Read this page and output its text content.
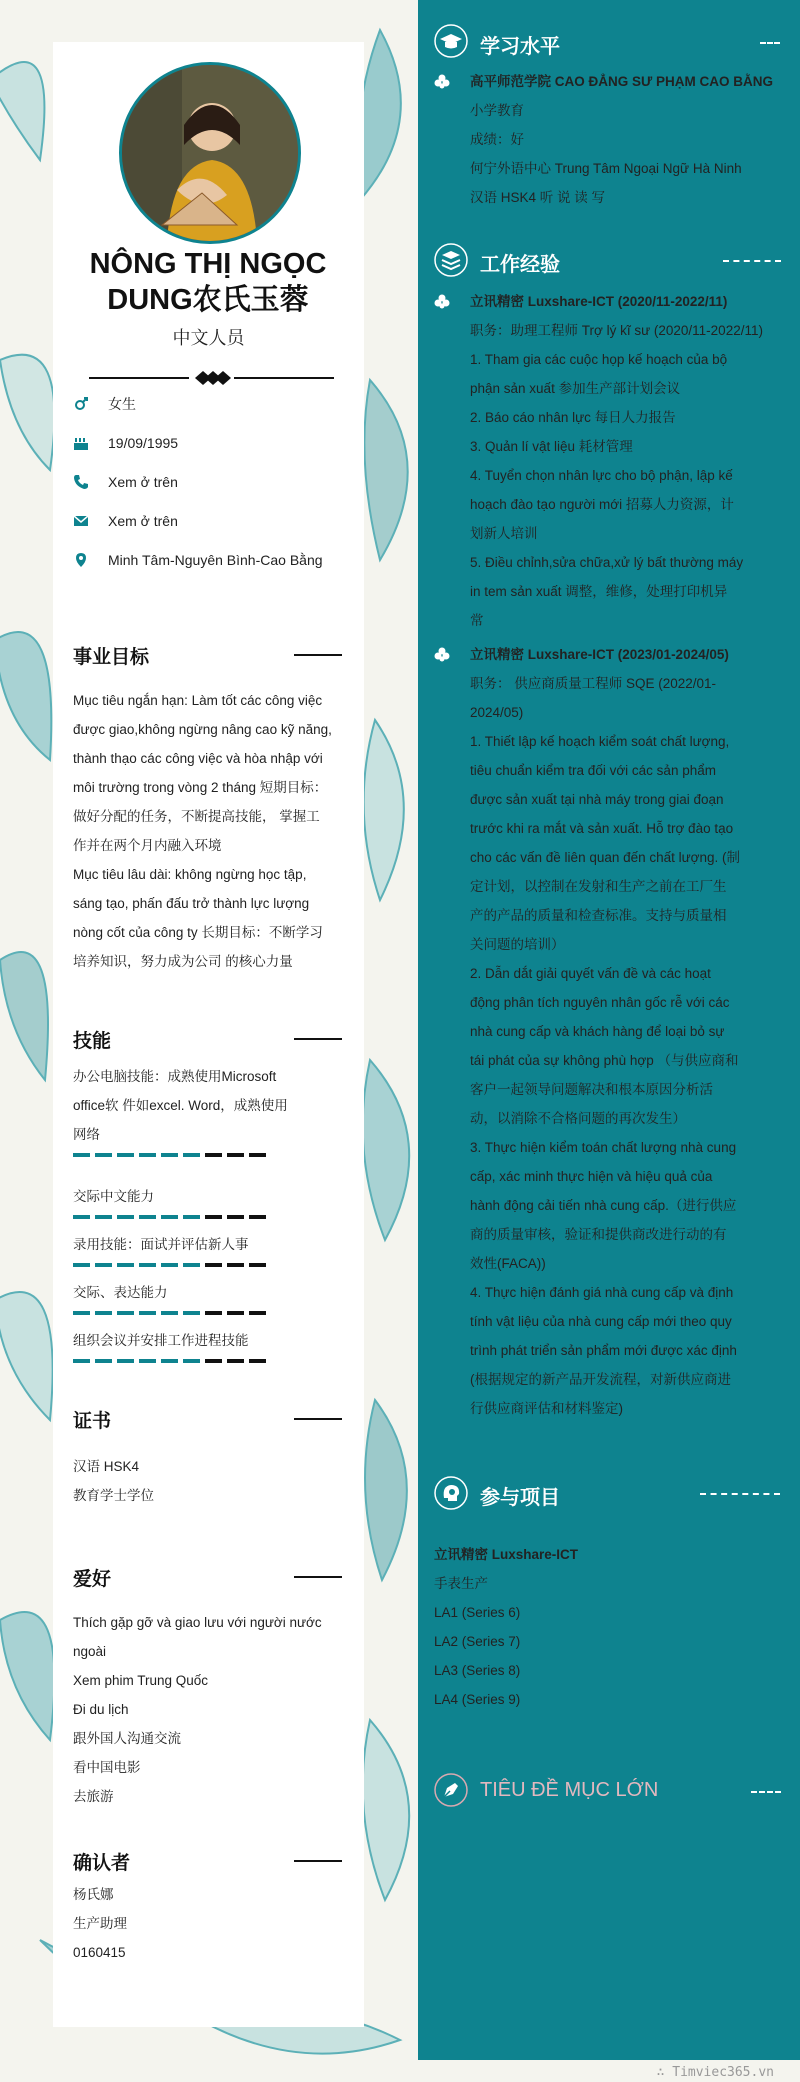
NÔNG THỊ NGỌC
DUNG农氏玉蓉
中文人员
女生
19/09/1995
Xem ở trên
Xem ở trên
Minh Tâm-Nguyên Bình-Cao Bằng
事业目标
Mục tiêu ngắn hạn: Làm tốt các công việc
được giao,không ngừng nâng cao kỹ năng,
thành thạo các công việc và hòa nhập với
môi trường trong vòng 2 tháng 短期目标：
做好分配的任务，不断提高技能， 掌握工
作并在两个月内融入环境
Mục tiêu lâu dài: không ngừng học tập,
sáng tạo, phấn đấu trở thành lực lượng
nòng cốt của công ty 长期目标：不断学习
培养知识，努力成为公司 的核心力量
技能
办公电脑技能：成熟使用Microsoft
office软 件如excel. Word，成熟使用
网络
交际中文能力
录用技能：面试并评估新人事
交际、表达能力
组织会议并安排工作进程技能
证书
汉语 HSK4
教育学士学位
爱好
Thích gặp gỡ và giao lưu với người nước
ngoài
Xem phim Trung Quốc
Đi du lịch
跟外国人沟通交流
看中国电影
去旅游
确认者
杨氏娜
生产助理
0160415
学习水平
高平师范学院 CAO ĐẲNG SƯ PHẠM CAO BẰNG
小学教育
成绩：好
何宁外语中心 Trung Tâm Ngoại Ngữ Hà Ninh
汉语 HSK4 听 说 读 写
工作经验
立讯精密 Luxshare-ICT (2020/11-2022/11)
职务：助理工程师 Trợ lý kĩ sư (2020/11-2022/11)
1. Tham gia các cuộc họp kế hoạch của bộ
phận sản xuất 参加生产部计划会议
2. Báo cáo nhân lực 每日人力报告
3. Quản lí vật liệu 耗材管理
4. Tuyển chọn nhân lực cho bộ phận, lập kế
hoạch đào tạo người mới 招募人力资源，计
划新人培训
5. Điều chỉnh,sửa chữa,xử lý bất thường máy
in tem sản xuất 调整，维修，处理打印机异
常
立讯精密 Luxshare-ICT (2023/01-2024/05)
职务： 供应商质量工程师 SQE (2022/01-
2024/05)
1. Thiết lập kế hoạch kiểm soát chất lượng,
tiêu chuẩn kiểm tra đối với các sản phẩm
được sản xuất tại nhà máy trong giai đoạn
trước khi ra mắt và sản xuất. Hỗ trợ đào tạo
cho các vấn đề liên quan đến chất lượng. (制
定计划，以控制在发射和生产之前在工厂生
产的产品的质量和检查标准。支持与质量相
关问题的培训）
2. Dẫn dắt giải quyết vấn đề và các hoạt
động phân tích nguyên nhân gốc rễ với các
nhà cung cấp và khách hàng để loại bỏ sự
tái phát của sự không phù hợp （与供应商和
客户一起领导问题解决和根本原因分析活
动，以消除不合格问题的再次发生）
3. Thực hiện kiểm toán chất lượng nhà cung
cấp, xác minh thực hiện và hiệu quả của
hành động cải tiến nhà cung cấp.（进行供应
商的质量审核，验证和提供商改进行动的有
效性(FACA))
4. Thực hiện đánh giá nhà cung cấp và định
tính vật liệu của nhà cung cấp mới theo quy
trình phát triển sản phẩm mới được xác định
(根据规定的新产品开发流程，对新供应商进
行供应商评估和材料鉴定)
参与项目
立讯精密 Luxshare-ICT
手表生产
LA1 (Series 6)
LA2 (Series 7)
LA3 (Series 8)
LA4 (Series 9)
TIÊU ĐỀ MỤC LỚN
∴ Timviec365.vn
